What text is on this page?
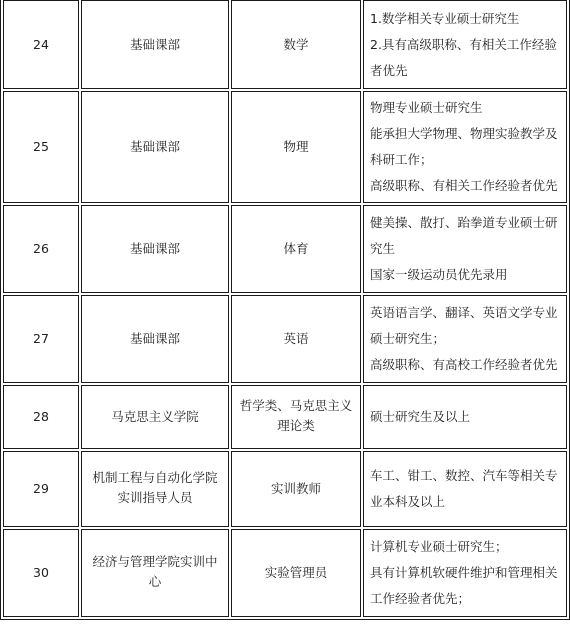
24	基础课部	数学	1.数学相关专业硕士研究生
2.具有高级职称、有相关工作经验
者优先

25	基础课部	物理	物理专业硕士研究生
能承担大学物理、物理实验教学及
科研工作；
高级职称、有相关工作经验者优先

26	基础课部	体育	健美操、散打、跆拳道专业硕士研
究生
国家一级运动员优先录用

27	基础课部	英语	英语语言学、翻译、英语文学专业
硕士研究生；
高级职称、有高校工作经验者优先

28	马克思主义学院	哲学类、马克思主义理论类	硕士研究生及以上

29	机制工程与自动化学院实训指导人员	实训教师	车工、钳工、数控、汽车等相关专
业本科及以上

30	经济与管理学院实训中心	实验管理员	计算机专业硕士研究生；
具有计算机软硬件维护和管理相关
工作经验者优先；
